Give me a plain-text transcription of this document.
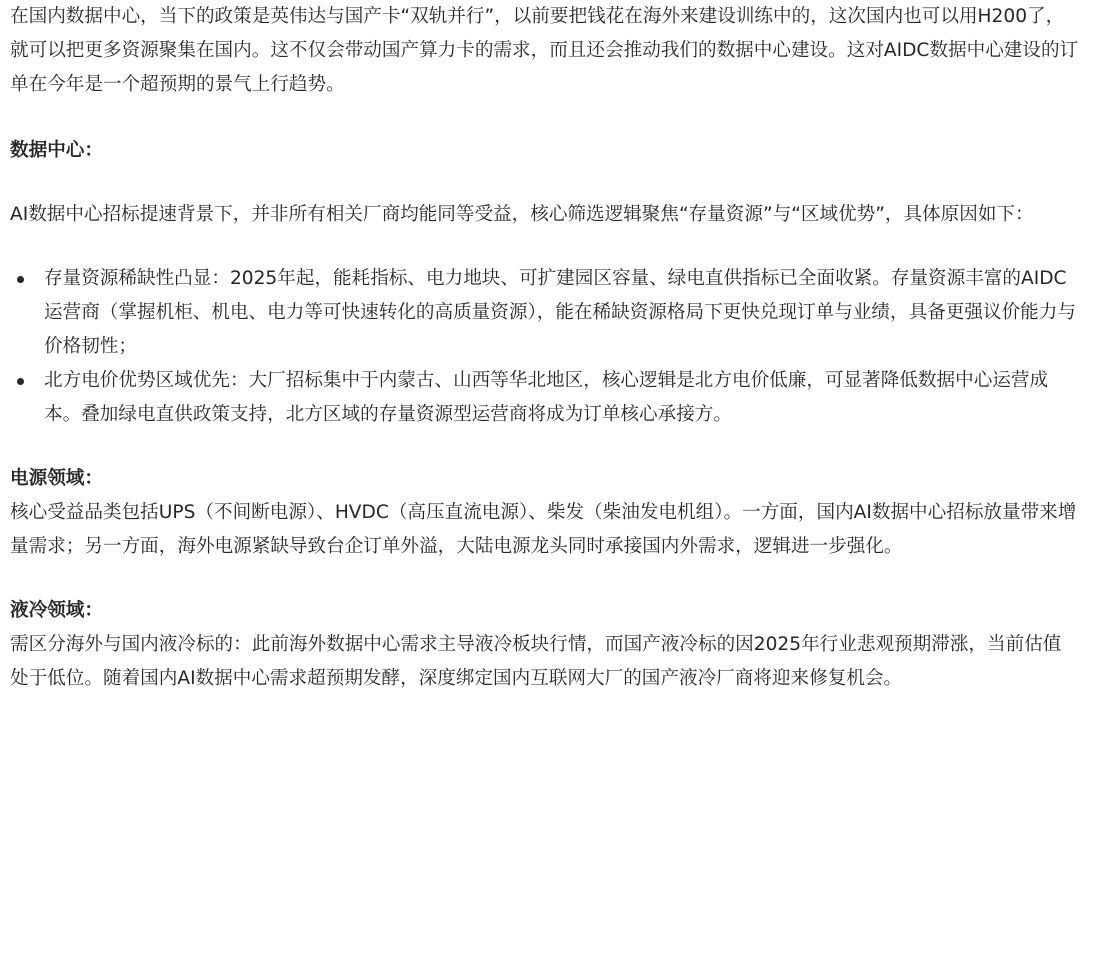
在国内数据中心，当下的政策是英伟达与国产卡“双轨并行”，以前要把钱花在海外来建设训练中的，这次国内也可以用H200了，就可以把更多资源聚集在国内。这不仅会带动国产算力卡的需求，而且还会推动我们的数据中心建设。这对AIDC数据中心建设的订单在今年是一个超预期的景气上行趋势。

数据中心：

AI数据中心招标提速背景下，并非所有相关厂商均能同等受益，核心筛选逻辑聚焦“存量资源”与“区域优势”，具体原因如下：

存量资源稀缺性凸显：2025年起，能耗指标、电力地块、可扩建园区容量、绿电直供指标已全面收紧。存量资源丰富的AIDC运营商（掌握机柜、机电、电力等可快速转化的高质量资源），能在稀缺资源格局下更快兑现订单与业绩，具备更强议价能力与价格韧性；
北方电价优势区域优先：大厂招标集中于内蒙古、山西等华北地区，核心逻辑是北方电价低廉，可显著降低数据中心运营成本。叠加绿电直供政策支持，北方区域的存量资源型运营商将成为订单核心承接方。
电源领域：

核心受益品类包括UPS（不间断电源）、HVDC（高压直流电源）、柴发（柴油发电机组）。一方面，国内AI数据中心招标放量带来增量需求；另一方面，海外电源紧缺导致台企订单外溢，大陆电源龙头同时承接国内外需求，逻辑进一步强化。

液冷领域：

需区分海外与国内液冷标的：此前海外数据中心需求主导液冷板块行情，而国产液冷标的因2025年行业悲观预期滞涨，当前估值处于低位。随着国内AI数据中心需求超预期发酵，深度绑定国内互联网大厂的国产液冷厂商将迎来修复机会。
